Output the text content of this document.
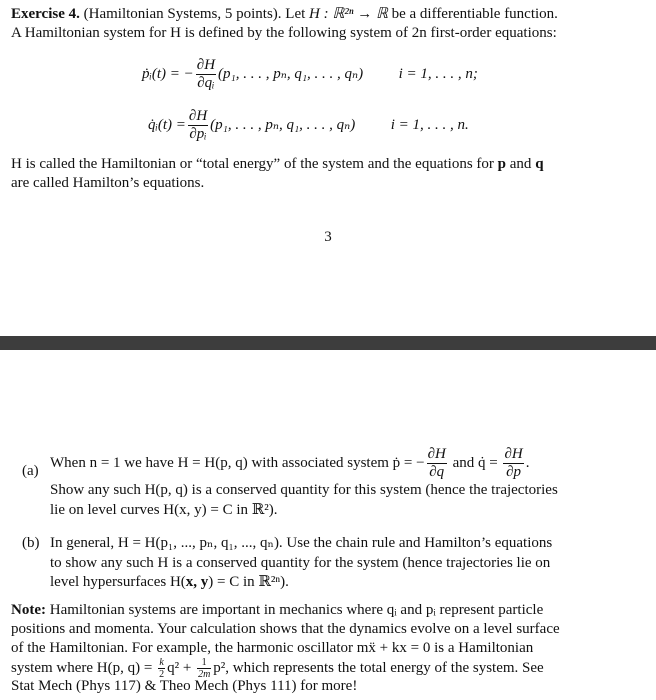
Exercise 4. (Hamiltonian Systems, 5 points). Let H : ℝ²ⁿ → ℝ be a differentiable function.
A Hamiltonian system for H is defined by the following system of 2n first-order equations:
ṗᵢ(t) = − $\frac{\partial H}{\text{∂qᵢ}} (p_1$, . . . , pₙ, q₁, . . . , qₙ) i = 1, . . . , n;
q̇ᵢ(t) = $\frac{\partial H}{\text{∂pᵢ}} (p_1$, . . . , pₙ, q₁, . . . , qₙ) i = 1, . . . , n.
H is called the Hamiltonian or “total energy” of the system and the equations for p and q
are called Hamilton’s equations.
3
(a)
When n = 1 we have H = H(p, q) with associated system ṗ = − $\frac{\partial H}{\partial q}$ and q̇ = $\frac{\partial H}{\partial p}$ .
Show any such H(p, q) is a conserved quantity for this system (hence the trajectories
lie on level curves H(x, y) = C in ℝ²).
(b) In general, H = H(p₁, ..., pₙ, q₁, ..., qₙ). Use the chain rule and Hamilton’s equations
to show any such H is a conserved quantity for the system (hence trajectories lie on
level hypersurfaces H(x, y) = C in ℝ²ⁿ).
Note: Hamiltonian systems are important in mechanics where qᵢ and pᵢ represent particle
positions and momenta. Your calculation shows that the dynamics evolve on a level surface
of the Hamiltonian. For example, the harmonic oscillator mẍ + kx = 0 is a Hamiltonian
system where H(p, $q) = \frac{k}{2} q^2 + \frac{1}{2m} p^2$, which represents the total energy of the system. See
Stat Mech (Phys 117) & Theo Mech (Phys 111) for more!
